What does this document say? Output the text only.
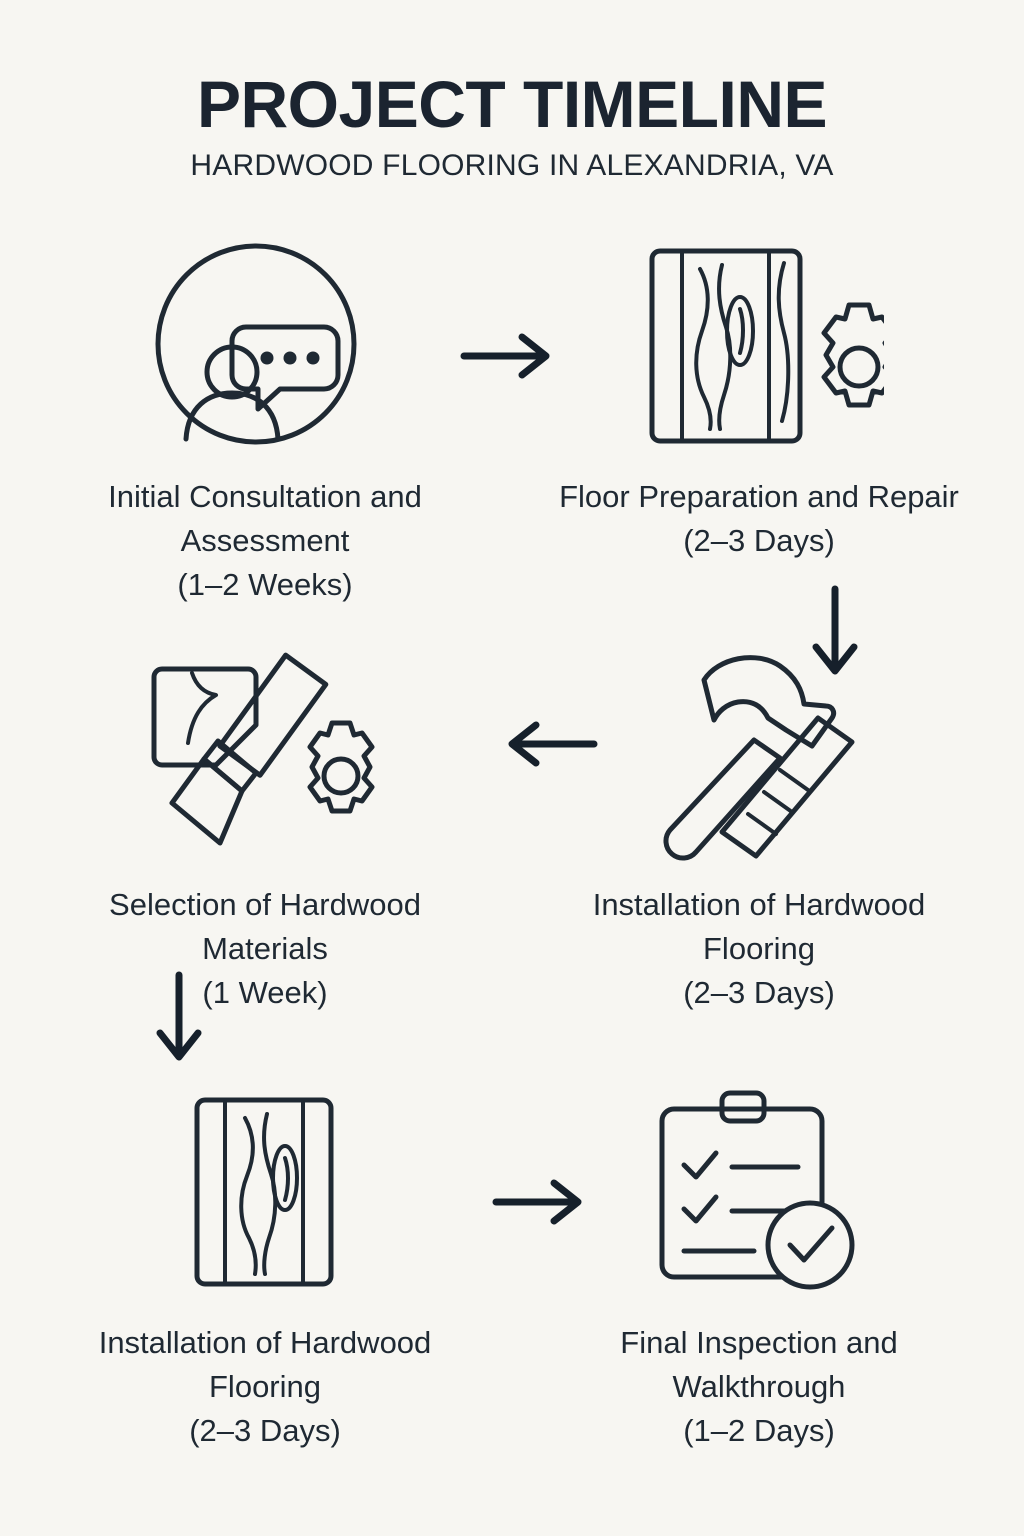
PROJECT TIMELINE
HARDWOOD FLOORING IN ALEXANDRIA, VA
Initial Consultation and Assessment
(1–2 Weeks)
Floor Preparation and Repair
(2–3 Days)
Selection of Hardwood Materials
(1 Week)
Installation of Hardwood Flooring
(2–3 Days)
Installation of Hardwood Flooring
(2–3 Days)
Final Inspection and Walkthrough
(1–2 Days)
